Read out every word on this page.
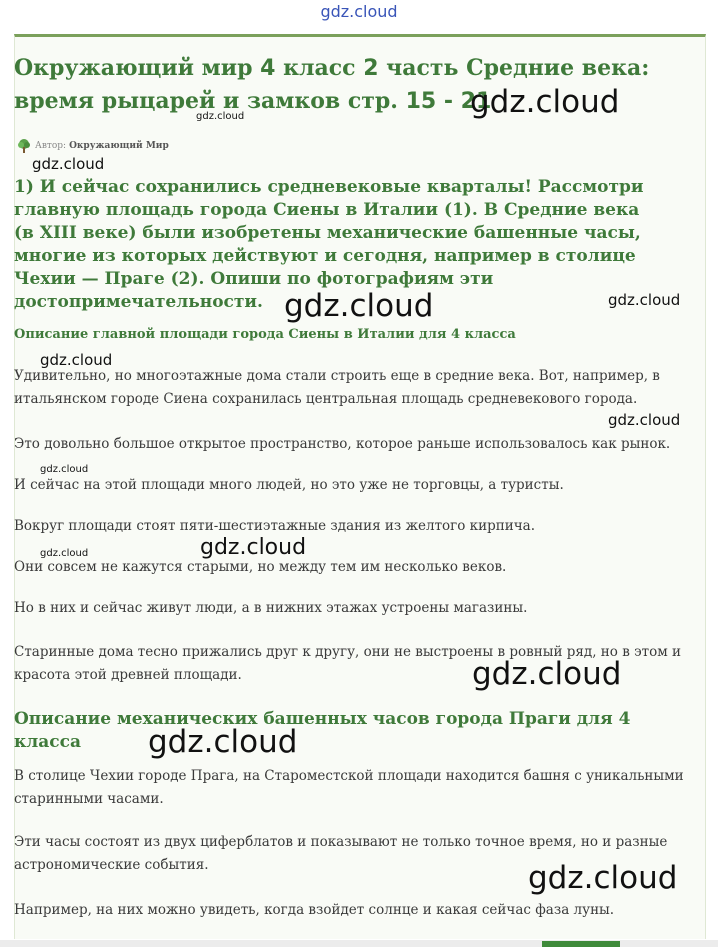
gdz.cloud
Окружающий мир 4 класс 2 часть Средние века: время рыцарей и замков стр. 15 - 21
Автор: Окружающий Мир
1) И сейчас сохранились средневековые кварталы! Рассмотри главную площадь города Сиены в Италии (1). В Средние века (в XIII веке) были изобретены механические башенные часы, многие из которых действуют и сегодня, например в столице Чехии — Праге (2). Опиши по фотографиям эти достопримечательности.
Описание главной площади города Сиены в Италии для 4 класса

Удивительно, но многоэтажные дома стали строить еще в средние века. Вот, например, в итальянском городе Сиена сохранилась центральная площадь средневекового города.

Это довольно большое открытое пространство, которое раньше использовалось как рынок.

И сейчас на этой площади много людей, но это уже не торговцы, а туристы.

Вокруг площади стоят пяти-шестиэтажные здания из желтого кирпича.

Они совсем не кажутся старыми, но между тем им несколько веков.

Но в них и сейчас живут люди, а в нижних этажах устроены магазины.

Старинные дома тесно прижались друг к другу, они не выстроены в ровный ряд, но в этом и красота этой древней площади.

Описание механических башенных часов города Праги для 4 класса

В столице Чехии городе Прага, на Староместской площади находится башня с уникальными старинными часами.

Эти часы состоят из двух циферблатов и показывают не только точное время, но и разные астрономические события.

Например, на них можно увидеть, когда взойдет солнце и какая сейчас фаза луны.

gdz.cloud
gdz.cloud
gdz.cloud
gdz.cloud	gdz.cloud
gdz.cloud
gdz.cloud
gdz.cloud
gdz.cloud
gdz.cloud
gdz.cloud
gdz.cloud
gdz.cloud
